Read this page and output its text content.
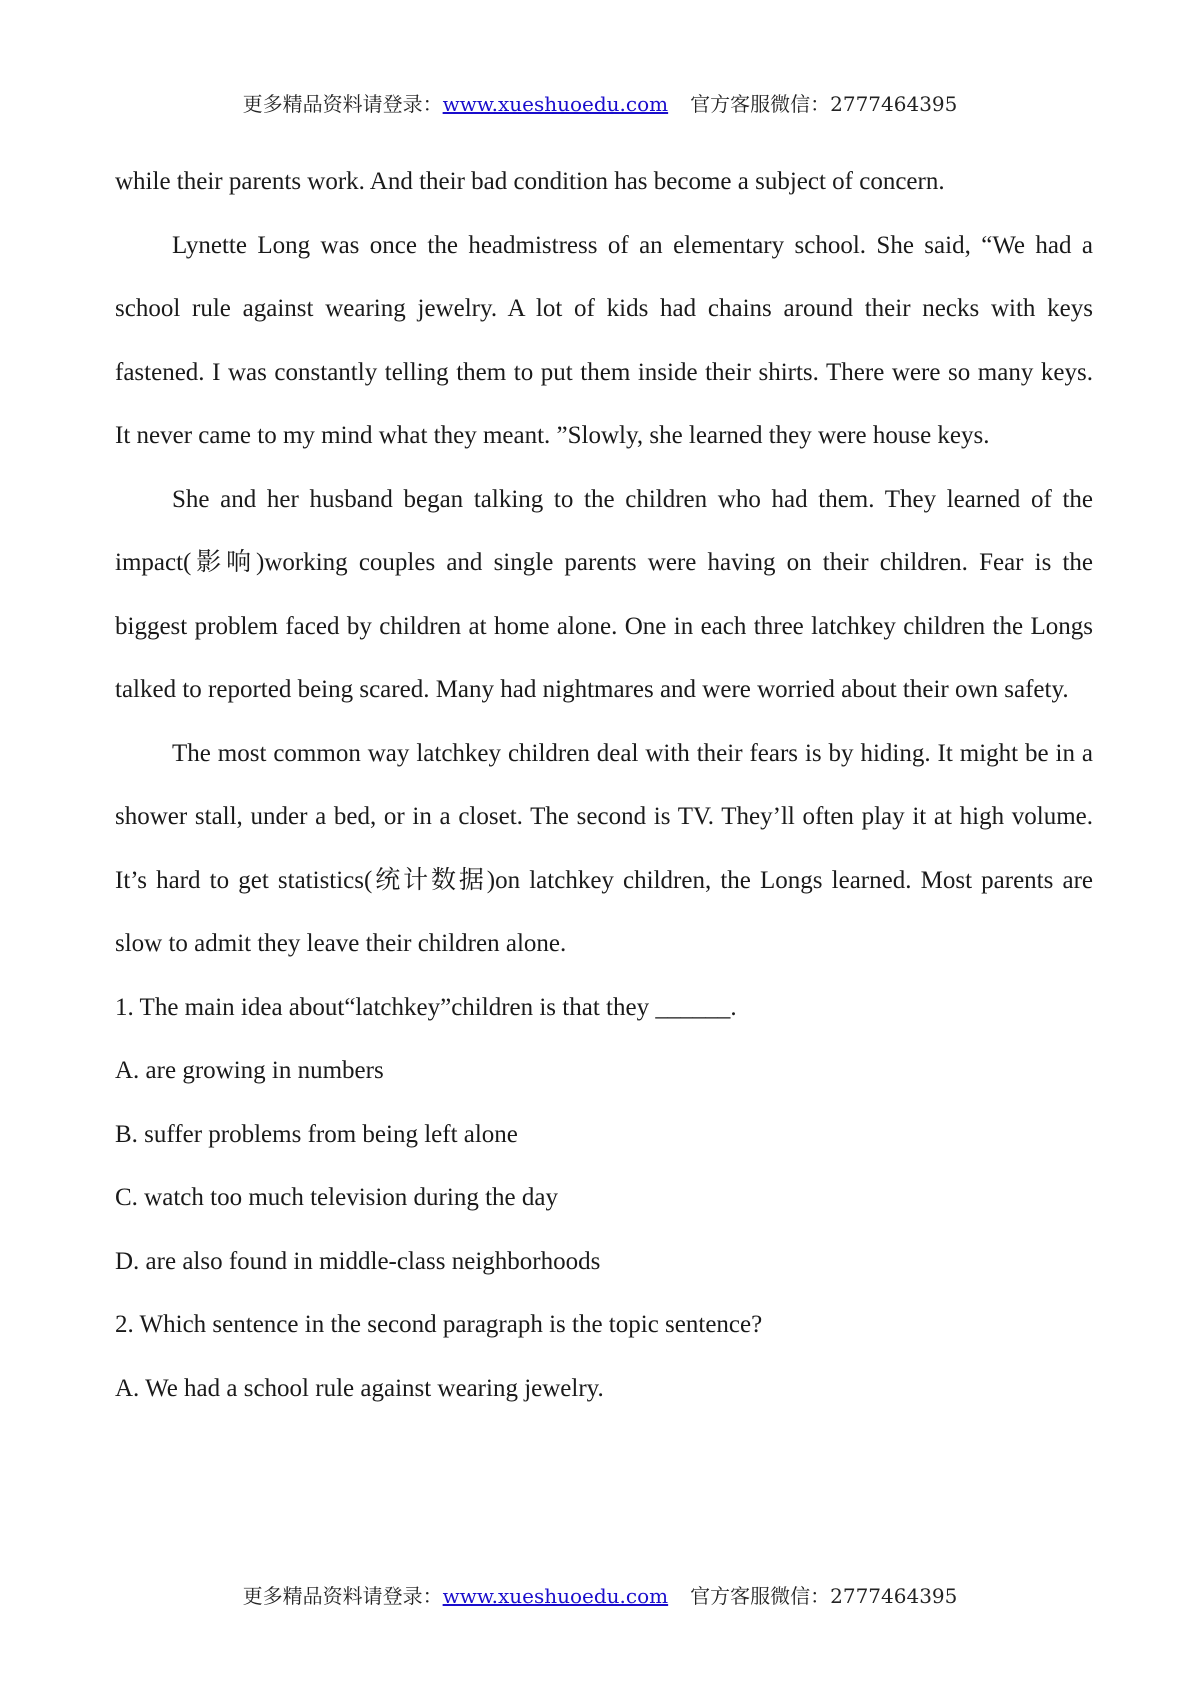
更多精品资料请登录：www.xueshuoedu.com 官方客服微信：2777464395

while their parents work. And their bad condition has become a subject of concern.

Lynette Long was once the headmistress of an elementary school. She said, “We had a school rule against wearing jewelry. A lot of kids had chains around their necks with keys fastened. I was constantly telling them to put them inside their shirts. There were so many keys. It never came to my mind what they meant. ”Slowly, she learned they were house keys.

She and her husband began talking to the children who had them. They learned of the impact(影响)working couples and single parents were having on their children. Fear is the biggest problem faced by children at home alone. One in each three latchkey children the Longs talked to reported being scared. Many had nightmares and were worried about their own safety.

The most common way latchkey children deal with their fears is by hiding. It might be in a shower stall, under a bed, or in a closet. The second is TV. They’ll often play it at high volume. It’s hard to get statistics(统计数据)on latchkey children, the Longs learned. Most parents are slow to admit they leave their children alone.

1. The main idea about“latchkey”children is that they ______.

A. are growing in numbers

B. suffer problems from being left alone

C. watch too much television during the day

D. are also found in middle-class neighborhoods

2. Which sentence in the second paragraph is the topic sentence?

A. We had a school rule against wearing jewelry.

更多精品资料请登录：www.xueshuoedu.com 官方客服微信：2777464395
